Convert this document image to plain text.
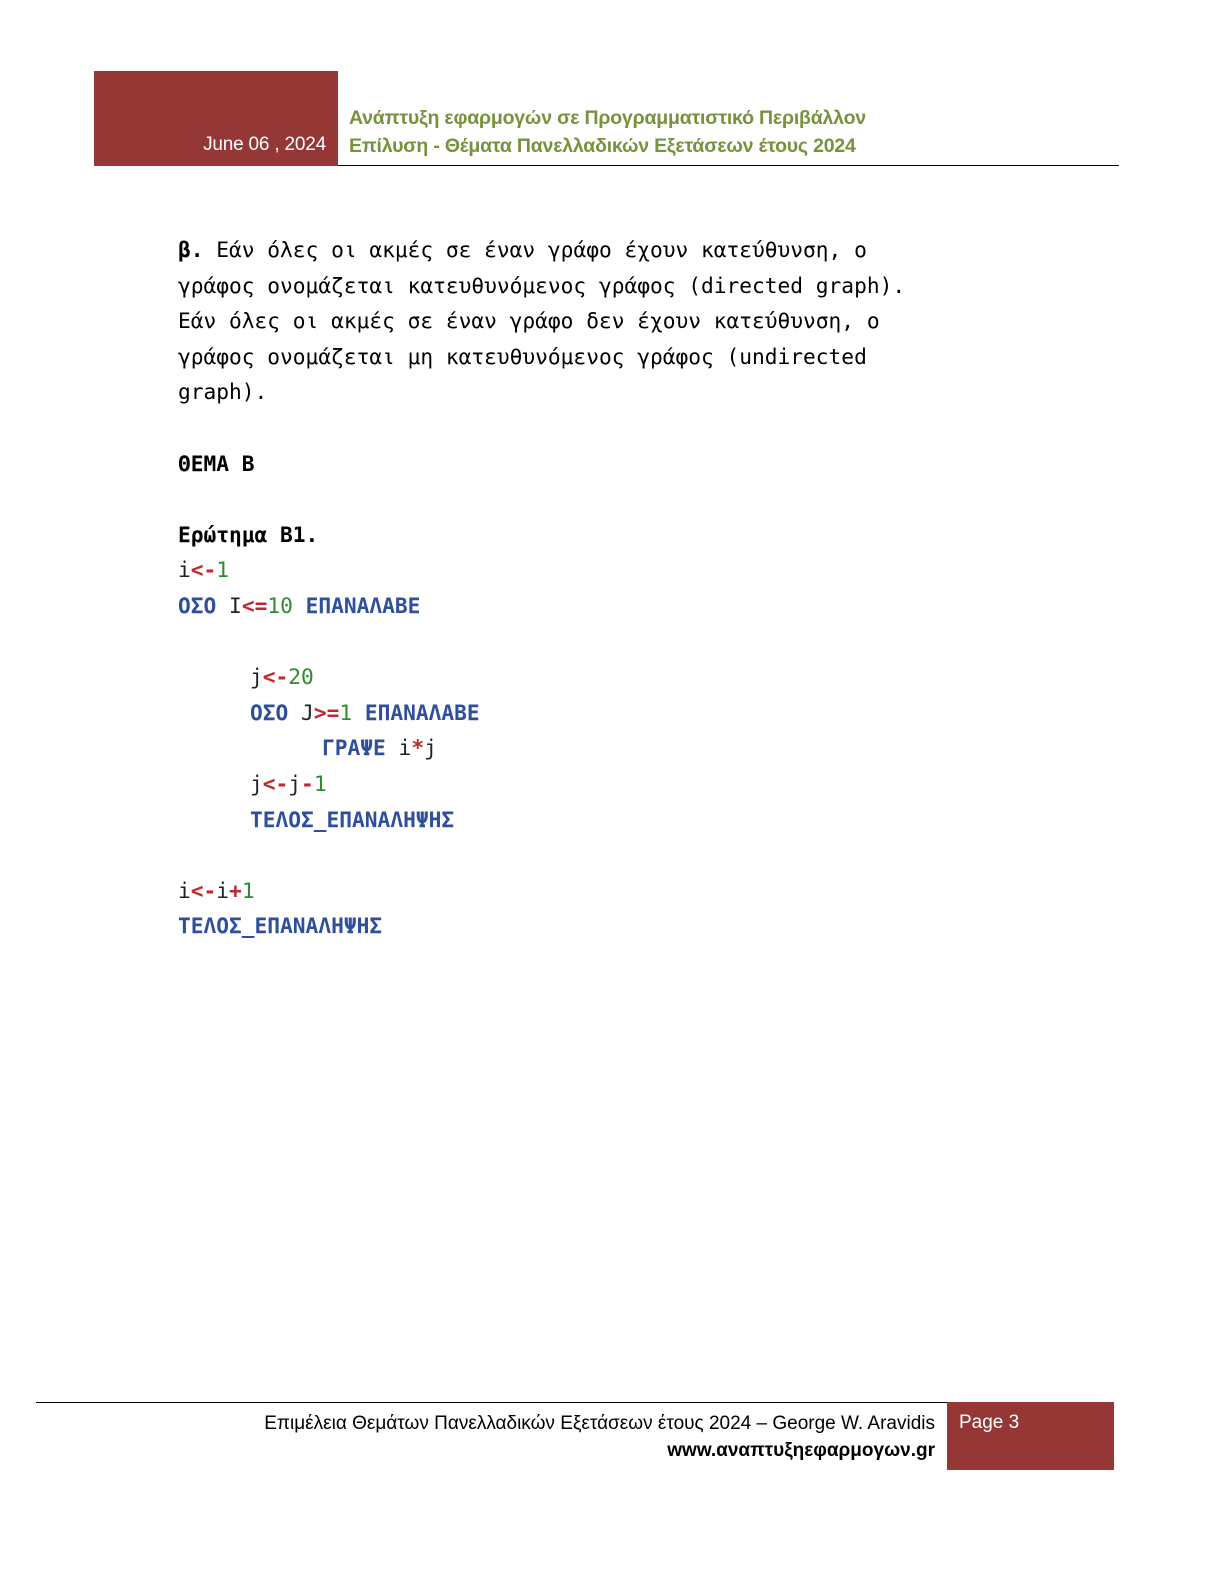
June 06 , 2024
Ανάπτυξη εφαρμογών σε Προγραμματιστικό Περιβάλλον
Επίλυση - Θέματα Πανελλαδικών Εξετάσεων έτους 2024

β. Εάν όλες οι ακμές σε έναν γράφο έχουν κατεύθυνση, ο

γράφος ονομάζεται κατευθυνόμενος γράφος (directed graph).

Εάν όλες οι ακμές σε έναν γράφο δεν έχουν κατεύθυνση, ο

γράφος ονομάζεται μη κατευθυνόμενος γράφος (undirected

graph).

ΘΕΜΑ Β

Ερώτημα Β1.

i<-1

ΟΣΟ I<=10 ΕΠΑΝΑΛΑΒΕ

j<-20

ΟΣΟ J>=1 ΕΠΑΝΑΛΑΒΕ

ΓΡΑΨΕ i*j

j<-j-1

ΤΕΛΟΣ_ΕΠΑΝΑΛΗΨΗΣ

i<-i+1

ΤΕΛΟΣ_ΕΠΑΝΑΛΗΨΗΣ

Επιμέλεια Θεμάτων Πανελλαδικών Εξετάσεων έτους 2024 – George W. Aravidis
www.αναπτυξηεφαρμογων.gr
Page 3
